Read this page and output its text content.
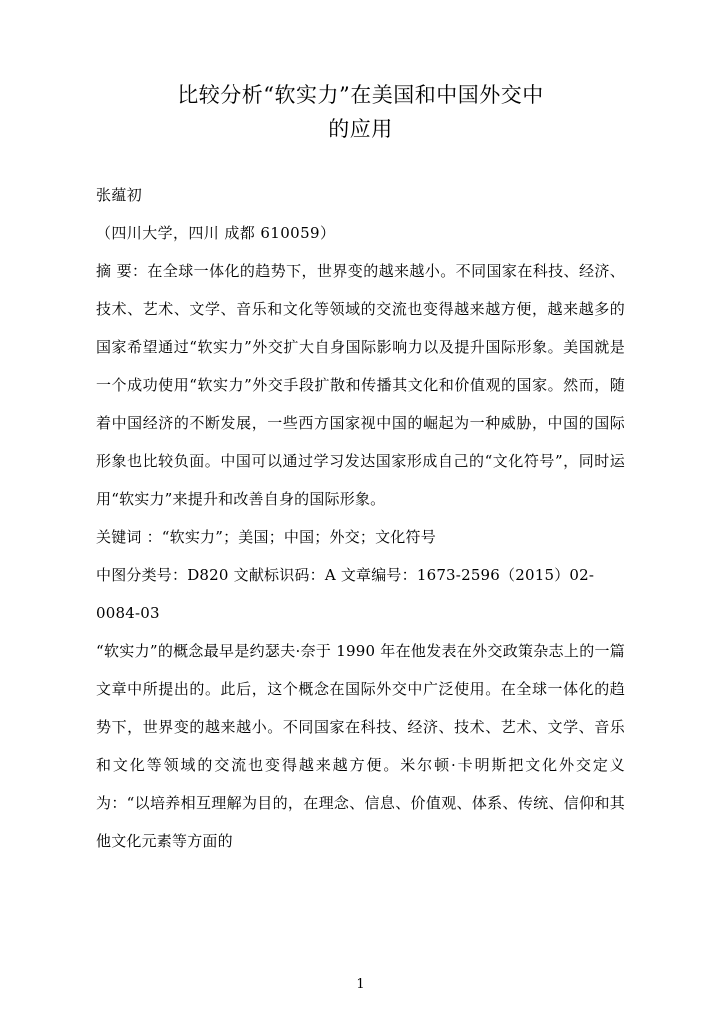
比较分析“软实力”在美国和中国外交中
的应用
张蕴初
（四川大学，四川 成都 610059）

摘 要：在全球一体化的趋势下，世界变的越来越小。不同国家在科技、经济、技术、艺术、文学、音乐和文化等领域的交流也变得越来越方便，越来越多的国家希望通过“软实力”外交扩大自身国际影响力以及提升国际形象。美国就是一个成功使用“软实力”外交手段扩散和传播其文化和价值观的国家。然而，随着中国经济的不断发展，一些西方国家视中国的崛起为一种威胁，中国的国际形象也比较负面。中国可以通过学习发达国家形成自己的“文化符号”，同时运用“软实力”来提升和改善自身的国际形象。

关键词 ：“软实力”；美国；中国；外交；文化符号

中图分类号：D820 文献标识码：A 文章编号：1673-2596（2015）02-0084-03

“软实力”的概念最早是约瑟夫·奈于 1990 年在他发表在外交政策杂志上的一篇文章中所提出的。此后，这个概念在国际外交中广泛使用。在全球一体化的趋势下，世界变的越来越小。不同国家在科技、经济、技术、艺术、文学、音乐和文化等领域的交流也变得越来越方便。米尔顿·卡明斯把文化外交定义为：“以培养相互理解为目的，在理念、信息、价值观、体系、传统、信仰和其他文化元素等方面的

1
